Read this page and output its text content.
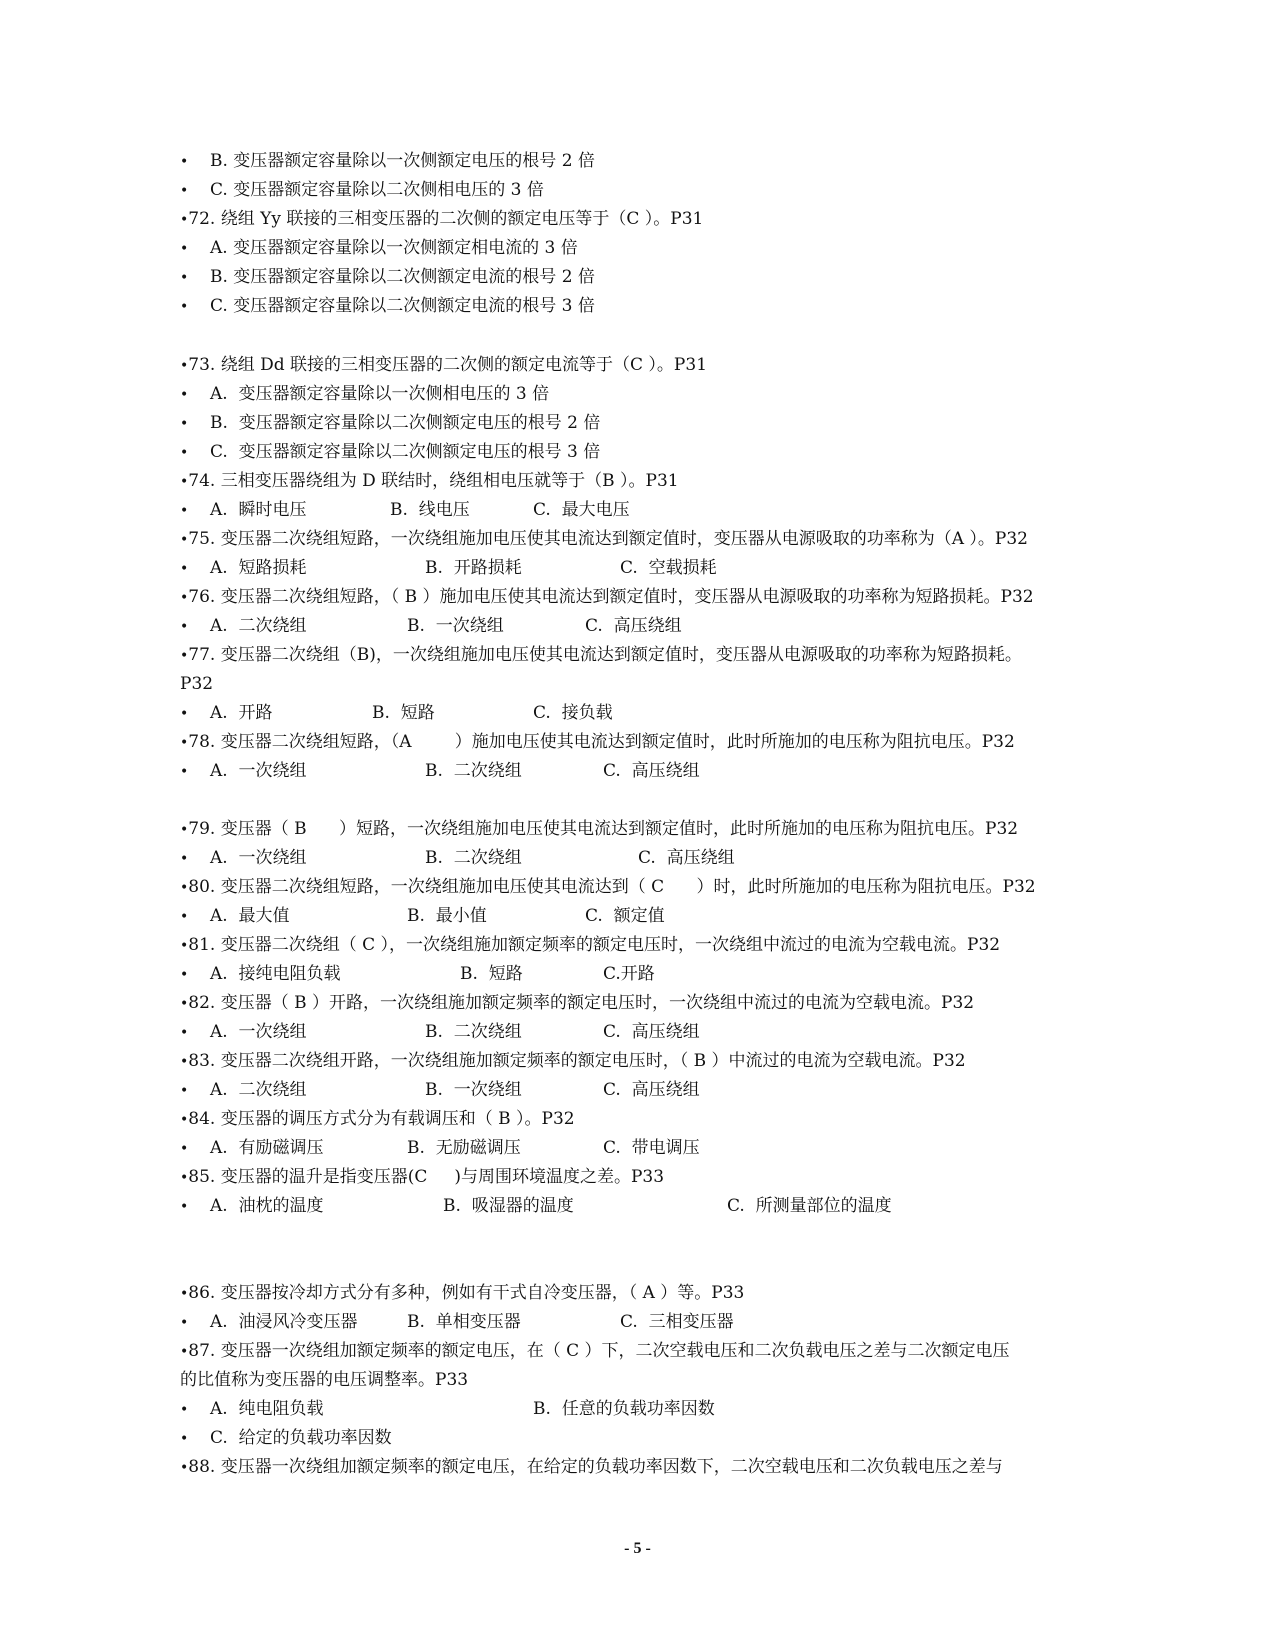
• B. 变压器额定容量除以一次侧额定电压的根号 2 倍
• C. 变压器额定容量除以二次侧相电压的 3 倍
•72. 绕组 Yy 联接的三相变压器的二次侧的额定电压等于（C ）。P31
• A. 变压器额定容量除以一次侧额定相电流的 3 倍
• B. 变压器额定容量除以二次侧额定电流的根号 2 倍
• C. 变压器额定容量除以二次侧额定电流的根号 3 倍
•73. 绕组 Dd 联接的三相变压器的二次侧的额定电流等于（C ）。P31
• A.  变压器额定容量除以一次侧相电压的 3 倍
• B.  变压器额定容量除以二次侧额定电压的根号 2 倍
• C.  变压器额定容量除以二次侧额定电压的根号 3 倍
•74. 三相变压器绕组为 D 联结时，绕组相电压就等于（B ）。P31
• A.  瞬时电压	B.  线电压	C.  最大电压
•75. 变压器二次绕组短路，一次绕组施加电压使其电流达到额定值时，变压器从电源吸取的功率称为（A ）。P32
• A.  短路损耗	B.  开路损耗	C.  空载损耗
•76. 变压器二次绕组短路，（ B ）施加电压使其电流达到额定值时，变压器从电源吸取的功率称为短路损耗。P32
• A.  二次绕组	B.  一次绕组	C.  高压绕组
•77. 变压器二次绕组（B)，一次绕组施加电压使其电流达到额定值时，变压器从电源吸取的功率称为短路损耗。
P32
• A.  开路	B.  短路	C.  接负载
•78. 变压器二次绕组短路，（A        ）施加电压使其电流达到额定值时，此时所施加的电压称为阻抗电压。P32
• A.  一次绕组	B.  二次绕组	C.  高压绕组
•79. 变压器（ B      ）短路，一次绕组施加电压使其电流达到额定值时，此时所施加的电压称为阻抗电压。P32
• A.  一次绕组	B.  二次绕组	C.  高压绕组
•80. 变压器二次绕组短路，一次绕组施加电压使其电流达到（ C      ）时，此时所施加的电压称为阻抗电压。P32
• A.  最大值	B.  最小值	C.  额定值
•81. 变压器二次绕组（ C ），一次绕组施加额定频率的额定电压时，一次绕组中流过的电流为空载电流。P32
• A.  接纯电阻负载	B.  短路	C.开路
•82. 变压器（ B ）开路，一次绕组施加额定频率的额定电压时，一次绕组中流过的电流为空载电流。P32
• A.  一次绕组	B.  二次绕组	C.  高压绕组
•83. 变压器二次绕组开路，一次绕组施加额定频率的额定电压时，（ B ）中流过的电流为空载电流。P32
• A.  二次绕组	B.  一次绕组	C.  高压绕组
•84. 变压器的调压方式分为有载调压和（ B ）。P32
• A.  有励磁调压	B.  无励磁调压	C.  带电调压
•85. 变压器的温升是指变压器(C     )与周围环境温度之差。P33
• A.  油枕的温度	B.  吸湿器的温度	C.  所测量部位的温度
•86. 变压器按冷却方式分有多种，例如有干式自冷变压器，（ A ）等。P33
• A.  油浸风冷变压器	B.  单相变压器	C.  三相变压器
•87. 变压器一次绕组加额定频率的额定电压，在（ C ）下，二次空载电压和二次负载电压之差与二次额定电压
的比值称为变压器的电压调整率。P33
• A.  纯电阻负载	B.  任意的负载功率因数
• C.  给定的负载功率因数
•88. 变压器一次绕组加额定频率的额定电压，在给定的负载功率因数下，二次空载电压和二次负载电压之差与
- 5 -
